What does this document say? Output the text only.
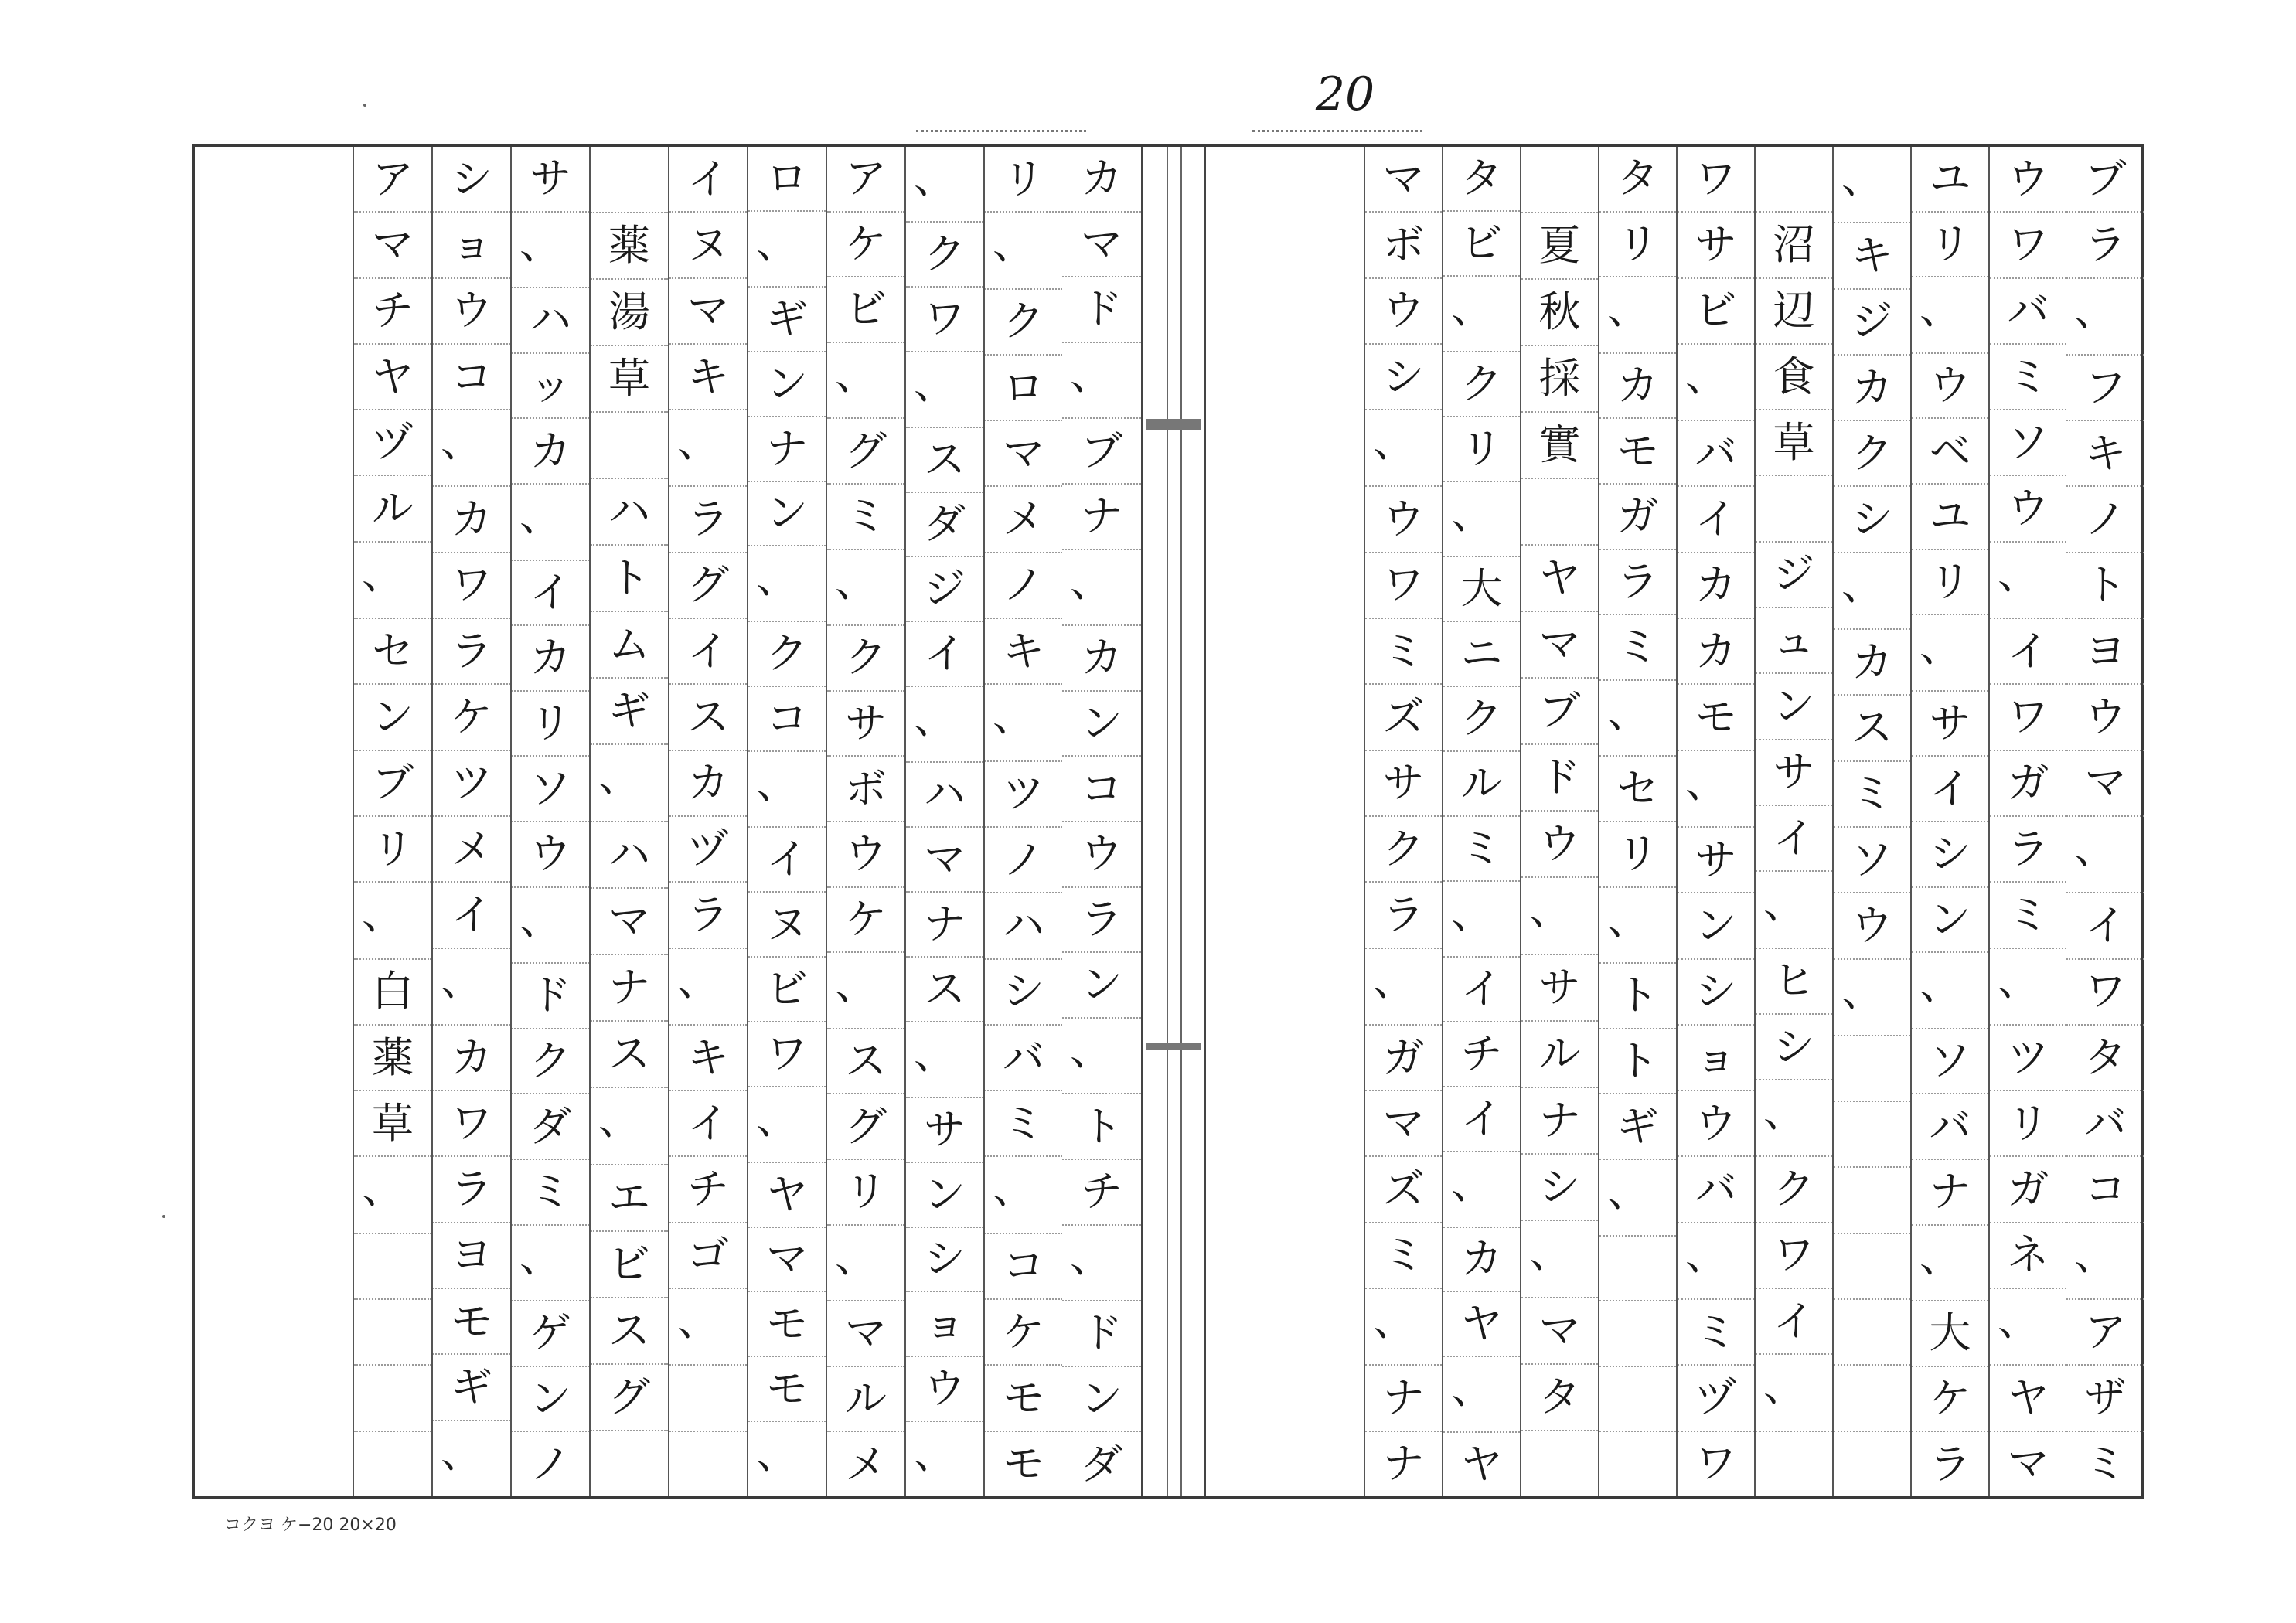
20
カ
マ
ド
、
ブ
ナ
、
カ
ン
コ
ウ
ラ
ン
、
ト
チ
、
ド
ン
ダ
リ
、
ク
ロ
マ
メ
ノ
キ
、
ツ
ノ
ハ
シ
バ
ミ
、
コ
ケ
モ
モ
、
ク
ワ
、
ス
ダ
ジ
イ
、
ハ
マ
ナ
ス
、
サ
ン
シ
ョ
ウ
、
ア
ケ
ビ
、
グ
ミ
、
ク
サ
ボ
ウ
ケ
、
ス
グ
リ
、
マ
ル
メ
ロ
、
ギ
ン
ナ
ン
、
ク
コ
、
イ
ヌ
ビ
ワ
、
ヤ
マ
モ
モ
、
イ
ヌ
マ
キ
、
ラ
グ
イ
ス
カ
ヅ
ラ
、
キ
イ
チ
ゴ
、
薬
湯
草
ハ
ト
ム
ギ
、
ハ
マ
ナ
ス
、
エ
ビ
ス
グ
サ
、
ハ
ッ
カ
、
イ
カ
リ
ソ
ウ
、
ド
ク
ダ
ミ
、
ゲ
ン
ノ
シ
ョ
ウ
コ
、
カ
ワ
ラ
ケ
ツ
メ
イ
、
カ
ワ
ラ
ヨ
モ
ギ
、
ア
マ
チ
ヤ
ヅ
ル
、
セ
ン
ブ
リ
、
白
薬
草
、
ブ
ラ
、
フ
キ
ノ
ト
ヨ
ウ
マ
、
イ
ワ
タ
バ
コ
、
ア
ザ
ミ
ウ
ワ
バ
ミ
ソ
ウ
、
イ
ワ
ガ
ラ
ミ
、
ツ
リ
ガ
ネ
、
ヤ
マ
ユ
リ
、
ウ
ベ
ユ
リ
、
サ
イ
シ
ン
、
ソ
バ
ナ
、
大
ケ
ラ
、
キ
ジ
カ
ク
シ
、
カ
ス
ミ
ソ
ウ
、
沼
辺
食
草
ジ
ュ
ン
サ
イ
、
ヒ
シ
、
ク
ワ
イ
、
ワ
サ
ビ
、
バ
イ
カ
カ
モ
、
サ
ン
シ
ョ
ウ
バ
、
ミ
ヅ
ワ
タ
リ
、
カ
モ
ガ
ラ
ミ
、
セ
リ
、
ト
ト
ギ
、
夏
秋
採
實
ヤ
マ
ブ
ド
ウ
、
サ
ル
ナ
シ
、
マ
タ
タ
ビ
、
ク
リ
、
大
ニ
ク
ル
ミ
、
イ
チ
イ
、
カ
ヤ
、
ヤ
マ
ボ
ウ
シ
、
ウ
ワ
ミ
ズ
サ
ク
ラ
、
ガ
マ
ズ
ミ
、
ナ
ナ
コクヨ ケ−20 20×20
